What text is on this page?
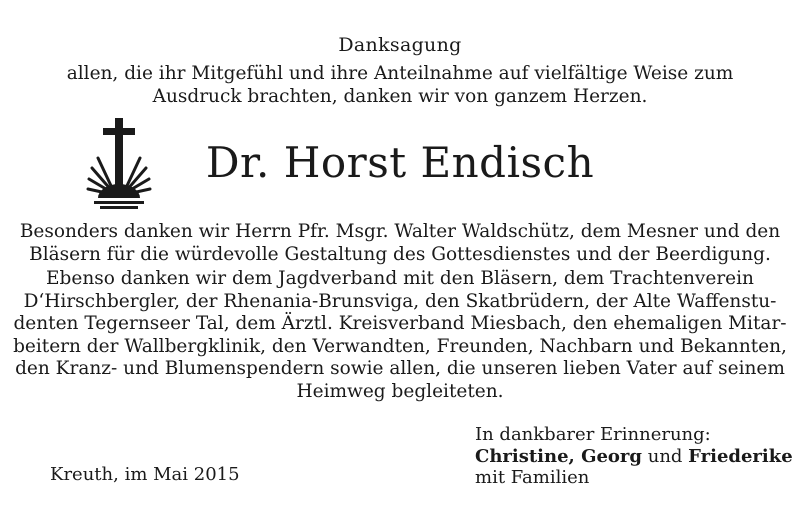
Danksagung
allen, die ihr Mitgefühl und ihre Anteilnahme auf vielfältige Weise zum
Ausdruck brachten, danken wir von ganzem Herzen.
Dr. Horst Endisch
Besonders danken wir Herrn Pfr. Msgr. Walter Waldschütz, dem Mesner und den
Bläsern für die würdevolle Gestaltung des Gottesdienstes und der Beerdigung.
Ebenso danken wir dem Jagdverband mit den Bläsern, dem Trachtenverein
D‘Hirschbergler, der Rhenania-Brunsviga, den Skatbrüdern, der Alte Waffenstu-
denten Tegernseer Tal, dem Ärztl. Kreisverband Miesbach, den ehemaligen Mitar-
beitern der Wallbergklinik, den Verwandten, Freunden, Nachbarn und Bekannten,
den Kranz- und Blumenspendern sowie allen, die unseren lieben Vater auf seinem
Heimweg begleiteten.
In dankbarer Erinnerung:
Christine, Georg und Friederike
mit Familien
Kreuth, im Mai 2015
